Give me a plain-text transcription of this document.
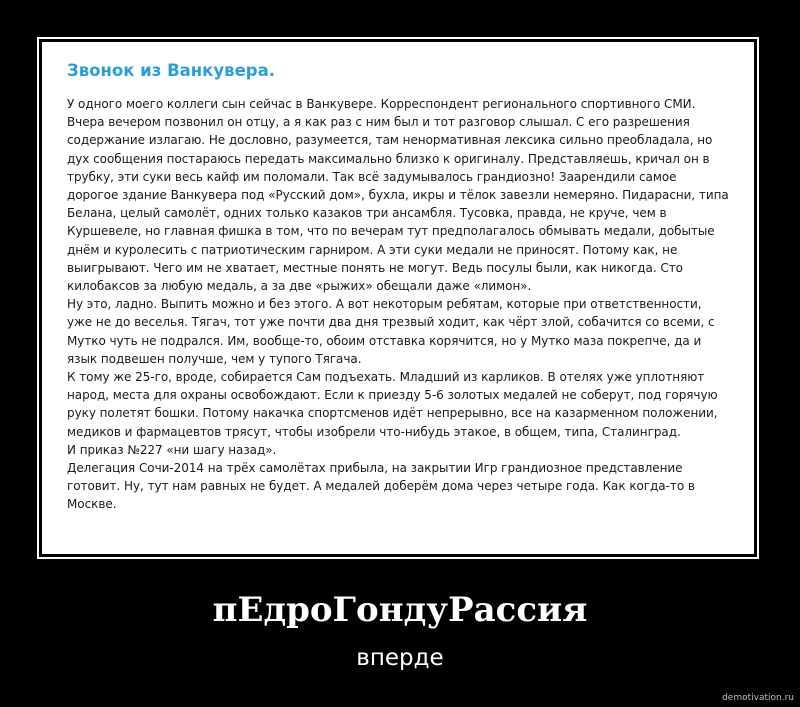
Звонок из Ванкувера.

У одного моего коллеги сын сейчас в Ванкувере. Корреспондент регионального спортивного СМИ.
Вчера вечером позвонил он отцу, а я как раз с ним был и тот разговор слышал. С его разрешения содержание излагаю. Не дословно, разумеется, там ненормативная лексика сильно преобладала, но дух сообщения постараюсь передать максимально близко к оригиналу. Представляешь, кричал он в трубку, эти суки весь кайф им поломали. Так всё задумывалось грандиозно! Заарендили самое дорогое здание Ванкувера под «Русский дом», бухла, икры и тёлок завезли немеряно. Пидарасни, типа Белана, целый самолёт, одних только казаков три ансамбля. Тусовка, правда, не круче, чем в Куршевеле, но главная фишка в том, что по вечерам тут предполагалось обмывать медали, добытые днём и куролесить с патриотическим гарниром. А эти суки медали не приносят. Потому как, не выигрывают. Чего им не хватает, местные понять не могут. Ведь посулы были, как никогда. Сто килобаксов за любую медаль, а за две «рыжих» обещали даже «лимон».
Ну это, ладно. Выпить можно и без этого. А вот некоторым ребятам, которые при ответственности, уже не до веселья. Тягач, тот уже почти два дня трезвый ходит, как чёрт злой, собачится со всеми, с Мутко чуть не подрался. Им, вообще-то, обоим отставка корячится, но у Мутко маза покрепче, да и язык подвешен получше, чем у тупого Тягача.
К тому же 25-го, вроде, собирается Сам подъехать. Младший из карликов. В отелях уже уплотняют народ, места для охраны освобождают. Если к приезду 5-6 золотых медалей не соберут, под горячую руку полетят бошки. Потому накачка спортсменов идёт непрерывно, все на казарменном положении, медиков и фармацевтов трясут, чтобы изобрели что-нибудь этакое, в общем, типа, Сталинград.
И приказ №227 «ни шагу назад».
Делегация Сочи-2014 на трёх самолётах прибыла, на закрытии Игр грандиозное представление готовит. Ну, тут нам равных не будет. А медалей доберём дома через четыре года. Как когда-то в Москве.

пЕдроГондуРассия
вперде
demotivation.ru
